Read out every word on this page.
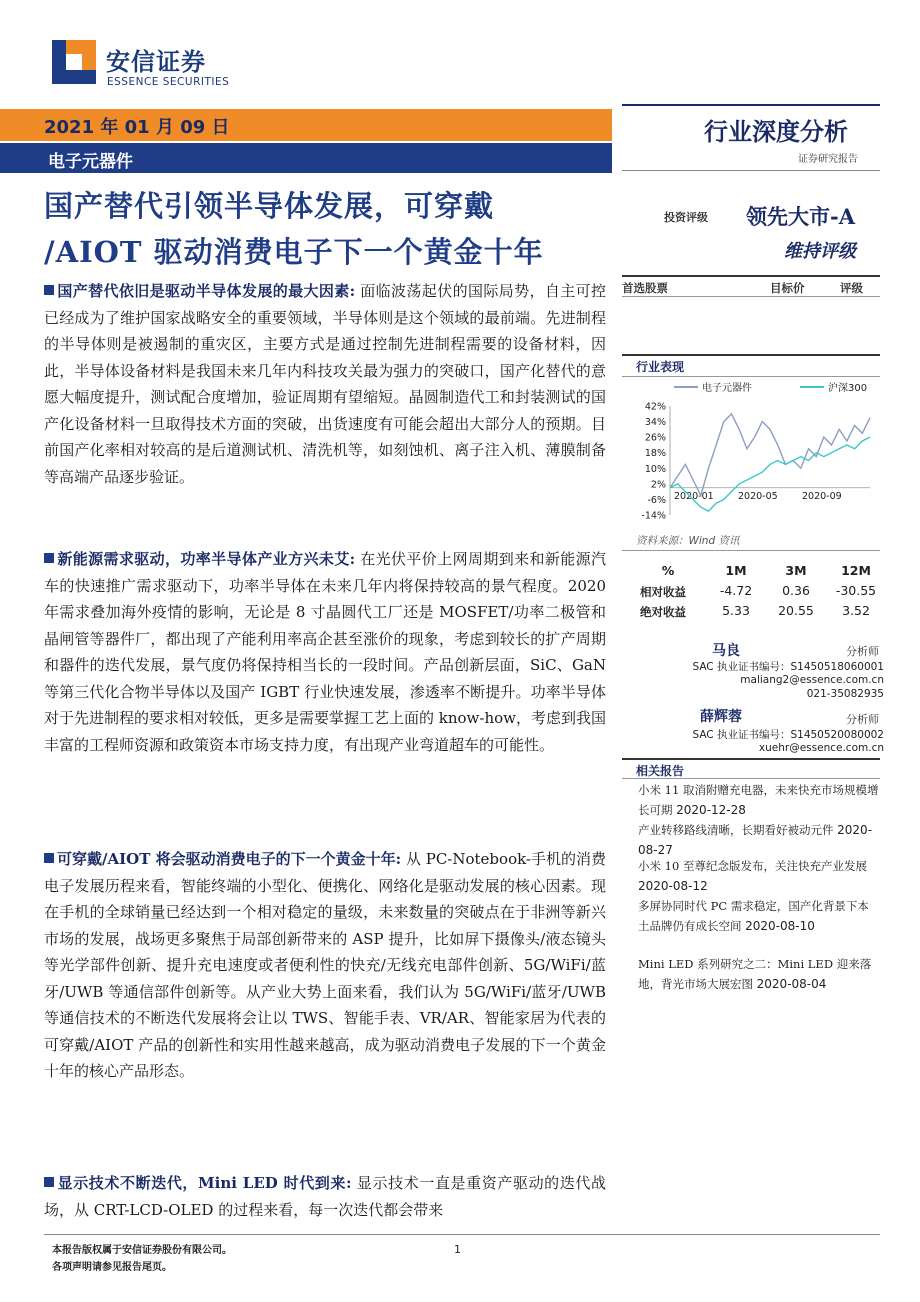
安信证券
ESSENCE SECURITIES
2021 年 01 月 09 日
电子元器件
行业深度分析
证券研究报告
国产替代引领半导体发展，可穿戴
/AIOT 驱动消费电子下一个黄金十年
投资评级 领先大市-A
维持评级
国产替代依旧是驱动半导体发展的最大因素: 面临波荡起伏的国际局势，自主可控已经成为了维护国家战略安全的重要领域，半导体则是这个领域的最前端。先进制程的半导体则是被遏制的重灾区，主要方式是通过控制先进制程需要的设备材料，因此，半导体设备材料是我国未来几年内科技攻关最为强力的突破口，国产化替代的意愿大幅度提升，测试配合度增加，验证周期有望缩短。晶圆制造代工和封装测试的国产化设备材料一旦取得技术方面的突破，出货速度有可能会超出大部分人的预期。目前国产化率相对较高的是后道测试机、清洗机等，如刻蚀机、离子注入机、薄膜制备等高端产品逐步验证。
新能源需求驱动，功率半导体产业方兴未艾: 在光伏平价上网周期到来和新能源汽车的快速推广需求驱动下，功率半导体在未来几年内将保持较高的景气程度。2020 年需求叠加海外疫情的影响，无论是 8 寸晶圆代工厂还是 MOSFET/功率二极管和晶闸管等器件厂，都出现了产能利用率高企甚至涨价的现象，考虑到较长的扩产周期和器件的迭代发展，景气度仍将保持相当长的一段时间。产品创新层面，SiC、GaN 等第三代化合物半导体以及国产 IGBT 行业快速发展，渗透率不断提升。功率半导体对于先进制程的要求相对较低，更多是需要掌握工艺上面的 know-how，考虑到我国丰富的工程师资源和政策资本市场支持力度，有出现产业弯道超车的可能性。
可穿戴/AIOT 将会驱动消费电子的下一个黄金十年: 从 PC-Notebook-手机的消费电子发展历程来看，智能终端的小型化、便携化、网络化是驱动发展的核心因素。现在手机的全球销量已经达到一个相对稳定的量级，未来数量的突破点在于非洲等新兴市场的发展，战场更多聚焦于局部创新带来的 ASP 提升，比如屏下摄像头/液态镜头等光学部件创新、提升充电速度或者便利性的快充/无线充电部件创新、5G/WiFi/蓝牙/UWB 等通信部件创新等。从产业大势上面来看，我们认为 5G/WiFi/蓝牙/UWB 等通信技术的不断迭代发展将会让以 TWS、智能手表、VR/AR、智能家居为代表的可穿戴/AIOT 产品的创新性和实用性越来越高，成为驱动消费电子发展的下一个黄金十年的核心产品形态。
显示技术不断迭代，Mini LED 时代到来: 显示技术一直是重资产驱动的迭代战场，从 CRT-LCD-OLED 的过程来看，每一次迭代都会带来
首选股票	目标价	评级
行业表现
电子元器件	沪深300
42%
34%
26%
18%
10%
2%
-6%
-14%
2020-01	2020-05	2020-09
资料来源：Wind 资讯
%	1M	3M	12M
相对收益	-4.72	0.36	-30.55
绝对收益	5.33	20.55	3.52
马良	分析师
SAC 执业证书编号：S1450518060001
maliang2@essence.com.cn
021-35082935
薛辉蓉	分析师
SAC 执业证书编号：S1450520080002
xuehr@essence.com.cn
相关报告
小米 11 取消附赠充电器，未来快充市场规模增长可期 2020-12-28
产业转移路线清晰，长期看好被动元件 2020-08-27
小米 10 至尊纪念版发布，关注快充产业发展 2020-08-12
多屏协同时代 PC 需求稳定，国产化背景下本土品牌仍有成长空间 2020-08-10
Mini LED 系列研究之二：Mini LED 迎来落地，背光市场大展宏图 2020-08-04
本报告版权属于安信证券股份有限公司。
各项声明请参见报告尾页。
1
